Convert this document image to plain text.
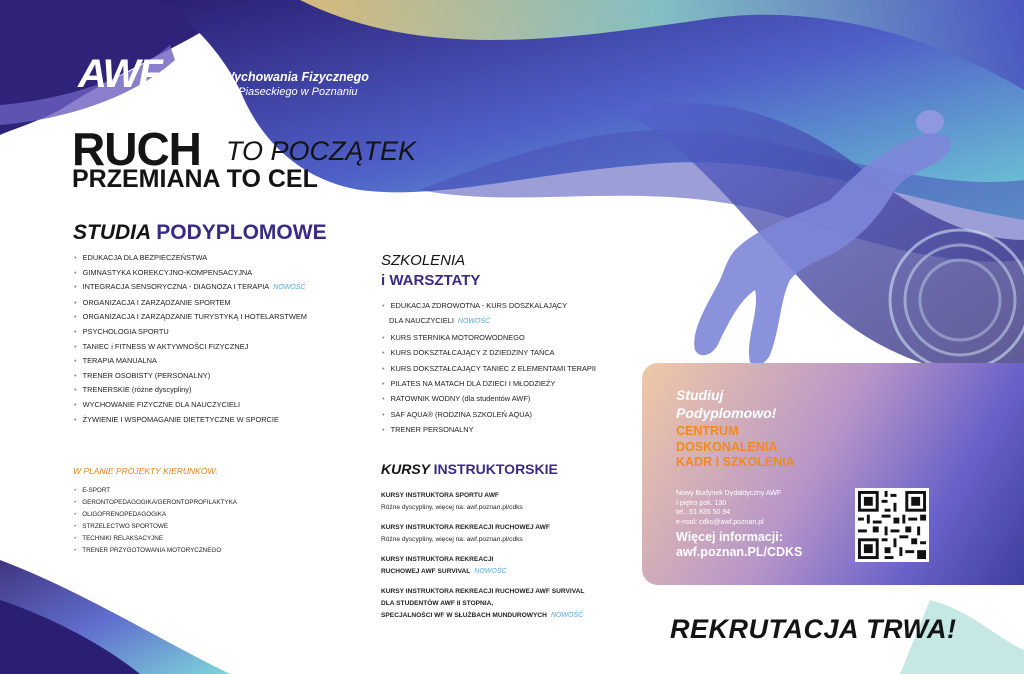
AWF Akademia Wychowania Fizycznego
im. Eugeniusza Piaseckiego w Poznaniu
RUCH TO POCZĄTEK
PRZEMIANA TO CEL
STUDIA PODYPLOMOWE
• EDUKACJA DLA BEZPIECZEŃSTWA
• GIMNASTYKA KOREKCYJNO-KOMPENSACYJNA
• INTEGRACJA SENSORYCZNA - DIAGNOZA I TERAPIA NOWOŚĆ
• ORGANIZACJA I ZARZĄDZANIE SPORTEM
• ORGANIZACJA I ZARZĄDZANIE TURYSTYKĄ I HOTELARSTWEM
• PSYCHOLOGIA SPORTU
• TANIEC i FITNESS W AKTYWNOŚCI FIZYCZNEJ
• TERAPIA MANUALNA
• TRENER OSOBISTY (PERSONALNY)
• TRENERSKIE (różne dyscypliny)
• WYCHOWANIE FIZYCZNE DLA NAUCZYCIELI
• ŻYWIENIE I WSPOMAGANIE DIETETYCZNE W SPORCIE
W PLANIE PROJEKTY KIERUNKÓW:
• E-SPORT
• GERONTOPEDAGOGIKA/GERONTOPROFILAKTYKA
• OLIGOFRENOPEDAGOGIKA
• STRZELECTWO SPORTOWE
• TECHNIKI RELAKSACYJNE
• TRENER PRZYGOTOWANIA MOTORYCZNEGO
SZKOLENIA
i WARSZTATY
• EDUKACJA ZDROWOTNA - KURS DOSZKALAJĄCY
DLA NAUCZYCIELI NOWOŚĆ
• KURS STERNIKA MOTOROWODNEGO
• KURS DOKSZTAŁCAJĄCY Z DZIEDZINY TAŃCA
• KURS DOKSZTAŁCAJĄCY TANIEC Z ELEMENTAMI TERAPII
• PILATES NA MATACH DLA DZIECI I MŁODZIEŻY
• RATOWNIK WODNY (dla studentów AWF)
• SAF AQUA® (RODZINA SZKOLEŃ AQUA)
• TRENER PERSONALNY
KURSY INSTRUKTORSKIE
KURSY INSTRUKTORA SPORTU AWF
Różne dyscypliny, więcej na: awf.poznan.pl/cdks
KURSY INSTRUKTORA REKREACJI RUCHOWEJ AWF
Różne dyscypliny, więcej na: awf.poznan.pl/cdks
KURSY INSTRUKTORA REKREACJI
RUCHOWEJ AWF SURVIVAL NOWOŚĆ
KURSY INSTRUKTORA REKREACJI RUCHOWEJ AWF SURVIVAL
DLA STUDENTÓW AWF II STOPNIA,
SPECJALNOŚCI WF W SŁUŻBACH MUNDUROWYCH NOWOŚĆ
Studiuj
Podyplomowo!
CENTRUM
DOSKONALENIA
KADR I SZKOLENIA
Nowy Budynek Dydaktyczny AWF
I piętro pok. 130
tel.: 61 835 50 94
e-mail: cdks@awf.poznan.pl
Więcej informacji:
awf.poznan.PL/CDKS
REKRUTACJA TRWA!
